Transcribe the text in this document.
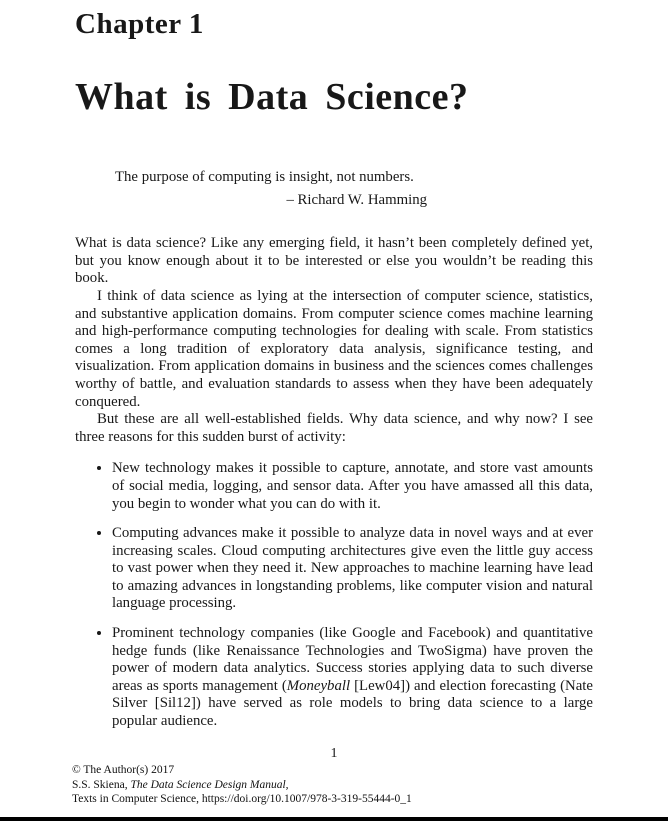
Chapter 1
What is Data Science?
The purpose of computing is insight, not numbers.
– Richard W. Hamming

What is data science? Like any emerging field, it hasn’t been completely defined yet, but you know enough about it to be interested or else you wouldn’t be reading this book.

I think of data science as lying at the intersection of computer science, statistics, and substantive application domains. From computer science comes machine learning and high-performance computing technologies for dealing with scale. From statistics comes a long tradition of exploratory data analysis, significance testing, and visualization. From application domains in business and the sciences comes challenges worthy of battle, and evaluation standards to assess when they have been adequately conquered.

But these are all well-established fields. Why data science, and why now? I see three reasons for this sudden burst of activity:

• New technology makes it possible to capture, annotate, and store vast amounts of social media, logging, and sensor data. After you have amassed all this data, you begin to wonder what you can do with it.
• Computing advances make it possible to analyze data in novel ways and at ever increasing scales. Cloud computing architectures give even the little guy access to vast power when they need it. New approaches to machine learning have lead to amazing advances in longstanding problems, like computer vision and natural language processing.
• Prominent technology companies (like Google and Facebook) and quantitative hedge funds (like Renaissance Technologies and TwoSigma) have proven the power of modern data analytics. Success stories applying data to such diverse areas as sports management (Moneyball [Lew04]) and election forecasting (Nate Silver [Sil12]) have served as role models to bring data science to a large popular audience.
1
© The Author(s) 2017
S.S. Skiena, The Data Science Design Manual,
Texts in Computer Science, https://doi.org/10.1007/978-3-319-55444-0_1
